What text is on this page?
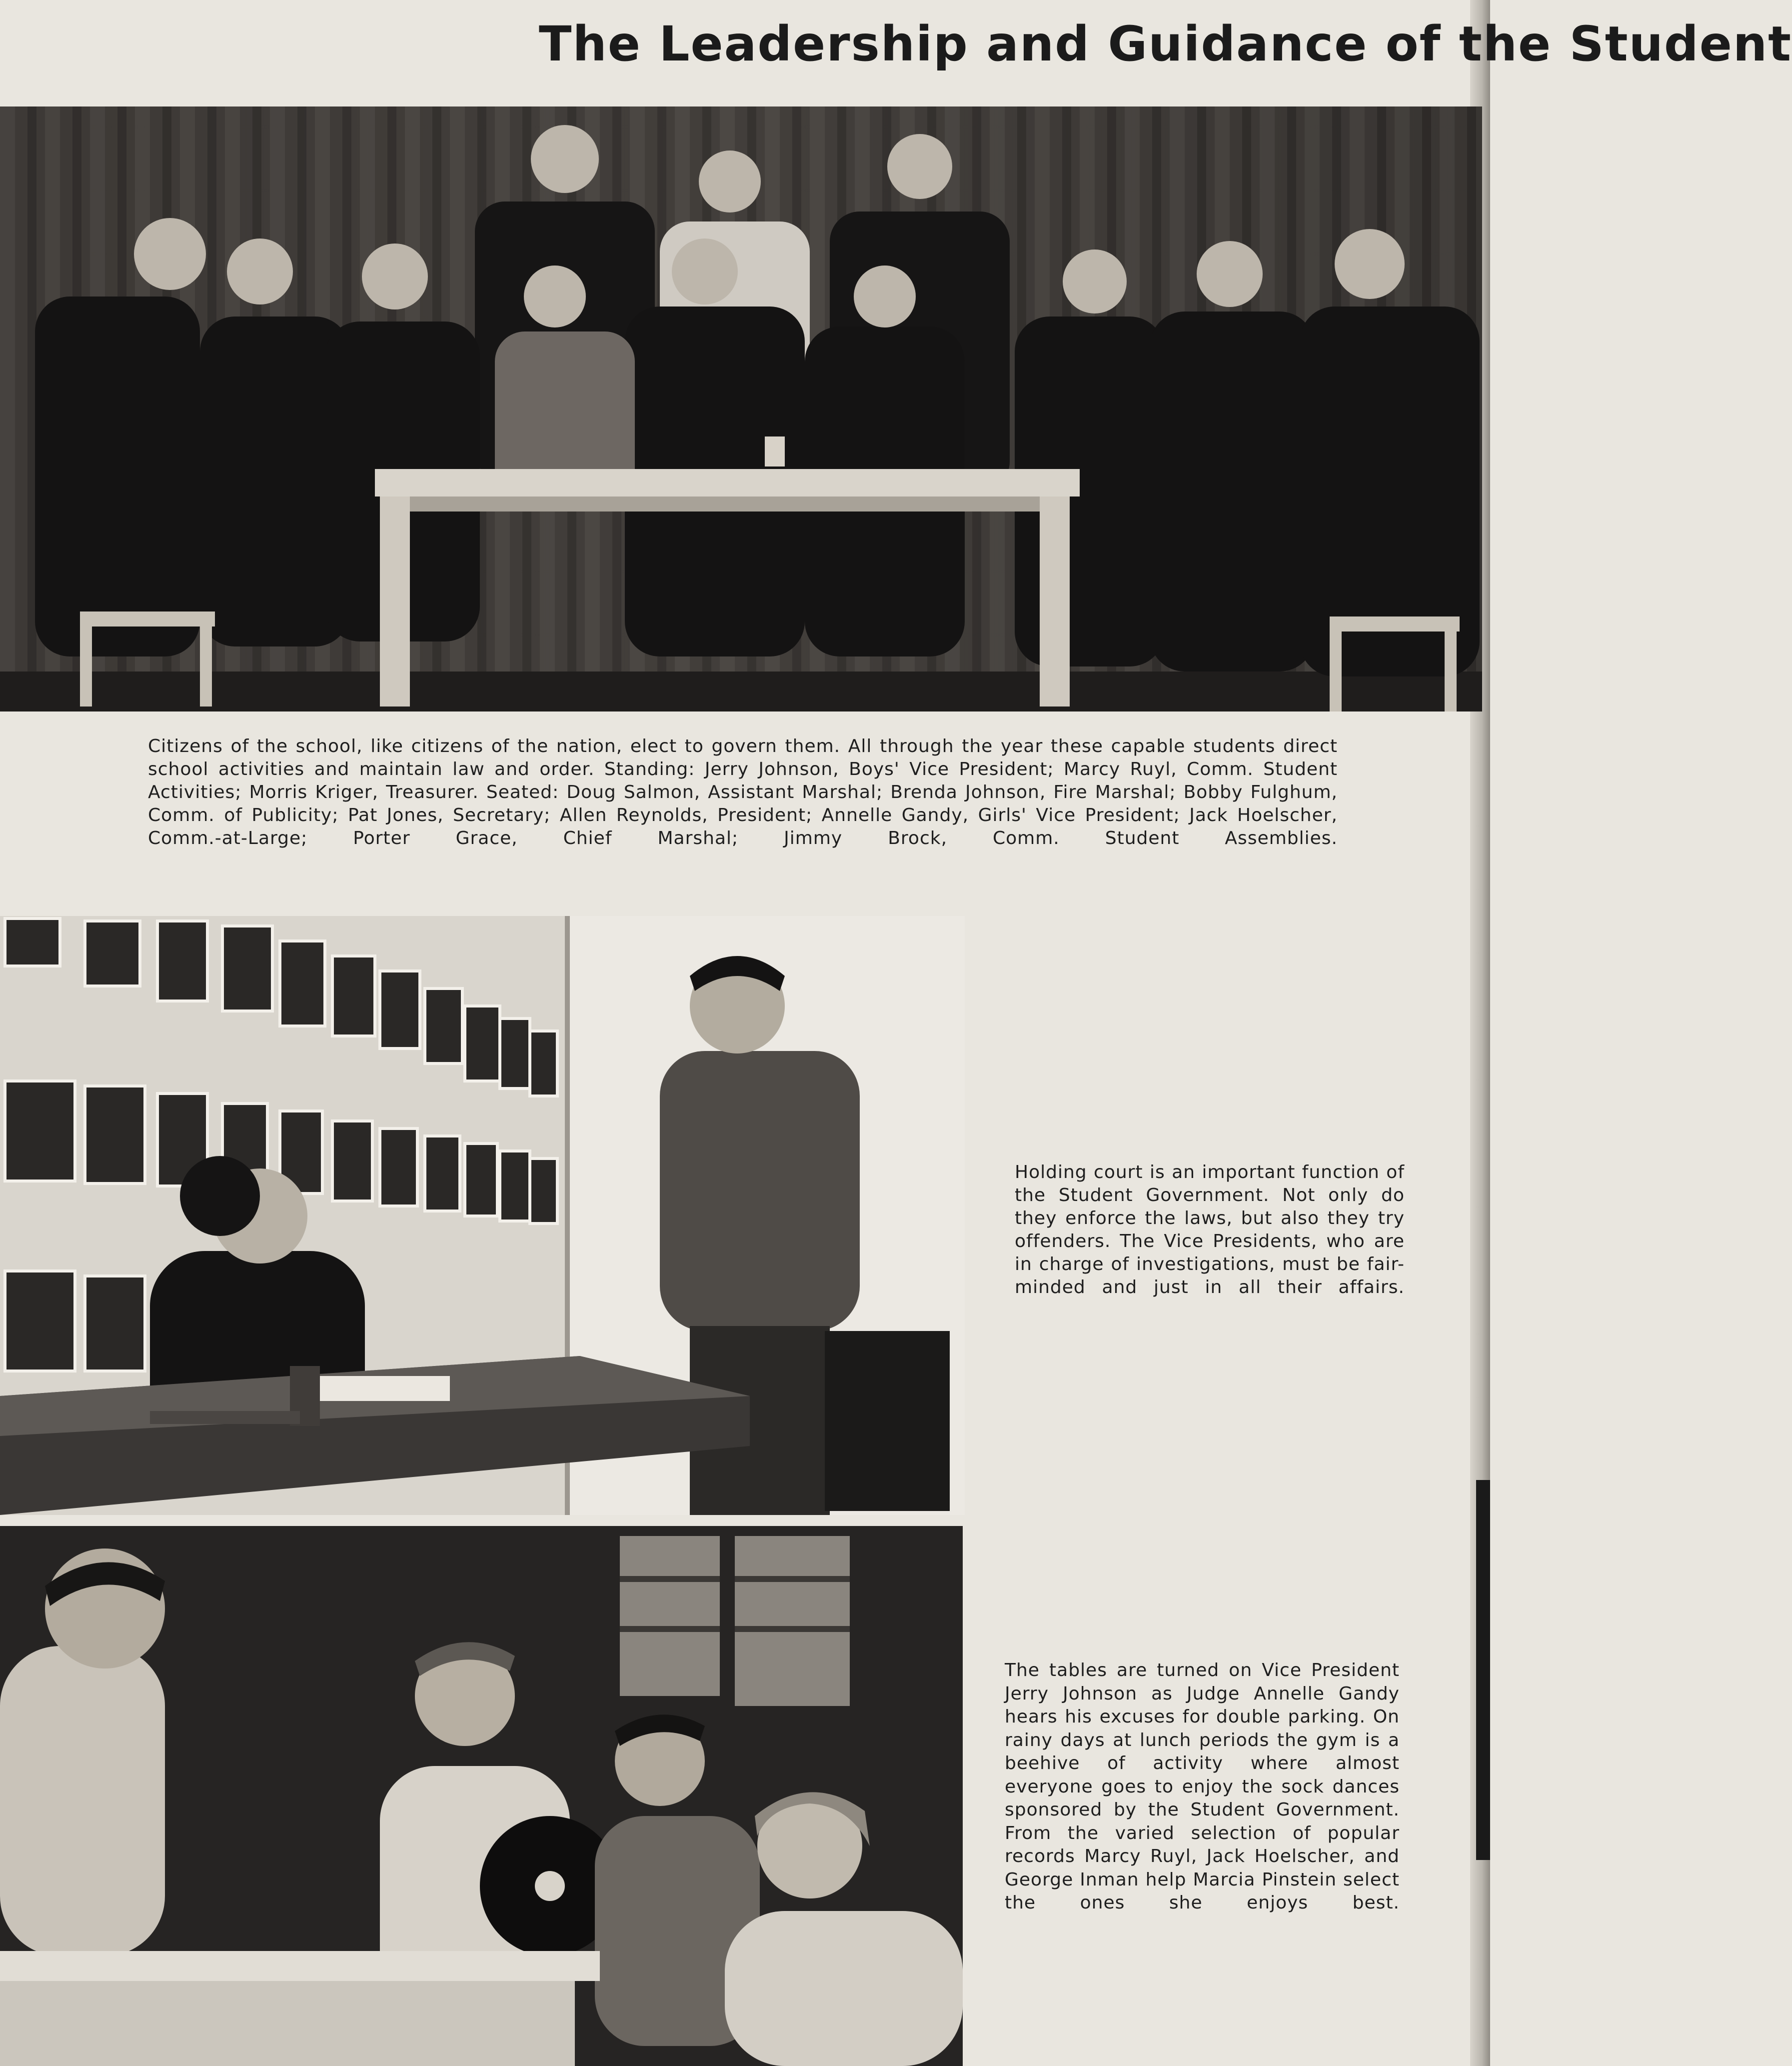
The Leadership and Guidance of the Student

Citizens of the school, like citizens of the nation, elect to govern them. All through the year these capable students direct school activities and maintain law and order. Standing: Jerry Johnson, Boys' Vice President; Marcy Ruyl, Comm. Student Activities; Morris Kriger, Treasurer. Seated: Doug Salmon, Assistant Marshal; Brenda Johnson, Fire Marshal; Bobby Fulghum, Comm. of Publicity; Pat Jones, Secretary; Allen Reynolds, President; Annelle Gandy, Girls' Vice President; Jack Hoelscher, Comm.-at-Large; Porter Grace, Chief Marshal; Jimmy Brock, Comm. Student Assemblies.

Holding court is an important function of the Student Government. Not only do they enforce the laws, but also they try offenders. The Vice Presidents, who are in charge of investigations, must be fair-minded and just in all their affairs.

The tables are turned on Vice President Jerry Johnson as Judge Annelle Gandy hears his excuses for double parking. On rainy days at lunch periods the gym is a beehive of activity where almost everyone goes to enjoy the sock dances sponsored by the Student Government. From the varied selection of popular records Marcy Ruyl, Jack Hoelscher, and George Inman help Marcia Pinstein select the ones she enjoys best.
